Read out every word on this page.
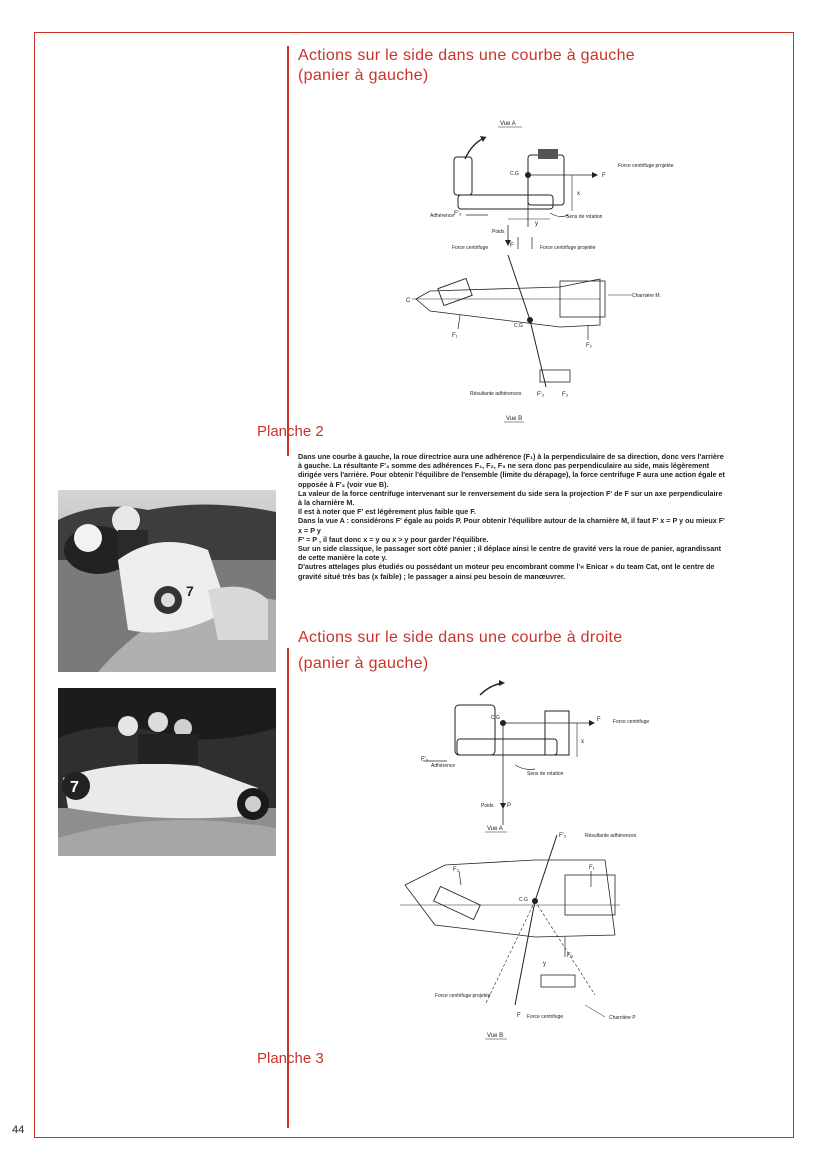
Actions sur le side dans une courbe à gauche
(panier à gauche)
Vue A
C.G	F
Force centrifuge projetée
x
Adhérence F'₃	Sens de rotation
y
Poids
Force centrifuge	F	Force centrifuge projetée
C
C.G
Charnière M.
F₁
F₂
Résultante adhérences	F'₃	F₃
Vue B
Planche 2
7

Dans une courbe à gauche, la roue directrice aura une adhérence (F₁) à la perpendiculaire de sa direction, donc vers l'arrière à gauche. La résultante F'₃ somme des adhérences F₁, F₂, F₃ ne sera donc pas perpendiculaire au side, mais légèrement dirigée vers l'arrière. Pour obtenir l'équilibre de l'ensemble (limite du dérapage), la force centrifuge F aura une action égale et opposée à F'₃ (voir vue B).

La valeur de la force centrifuge intervenant sur le renversement du side sera la projection F' de F sur un axe perpendiculaire à la charnière M.

Il est à noter que F' est légèrement plus faible que F.

Dans la vue A : considérons F' égale au poids P. Pour obtenir l'équilibre autour de la charnière M, il faut F' x = P y ou mieux F' x = P y

F' = P , il faut donc x = y ou x > y pour garder l'équilibre.

Sur un side classique, le passager sort côté panier ; il déplace ainsi le centre de gravité vers la roue de panier, agrandissant de cette manière la cote y.

D'autres attelages plus étudiés ou possédant un moteur peu encombrant comme l'« Enicar » du team Cat, ont le centre de gravité situé très bas (x faible) ; le passager a ainsi peu besoin de manœuvrer.

Actions sur le side dans une courbe à droite
(panier à gauche)
7
C.G	F Force centrifuge
x
F'₃
Adhérence
Sens de rotation
Poids P
Vue A
F'₃	Résultante adhérences
C.G
y
F₂	F₁
F₃
Force centrifuge projetée
F Force centrifuge	Charnière P
Vue B
Planche 3
44
